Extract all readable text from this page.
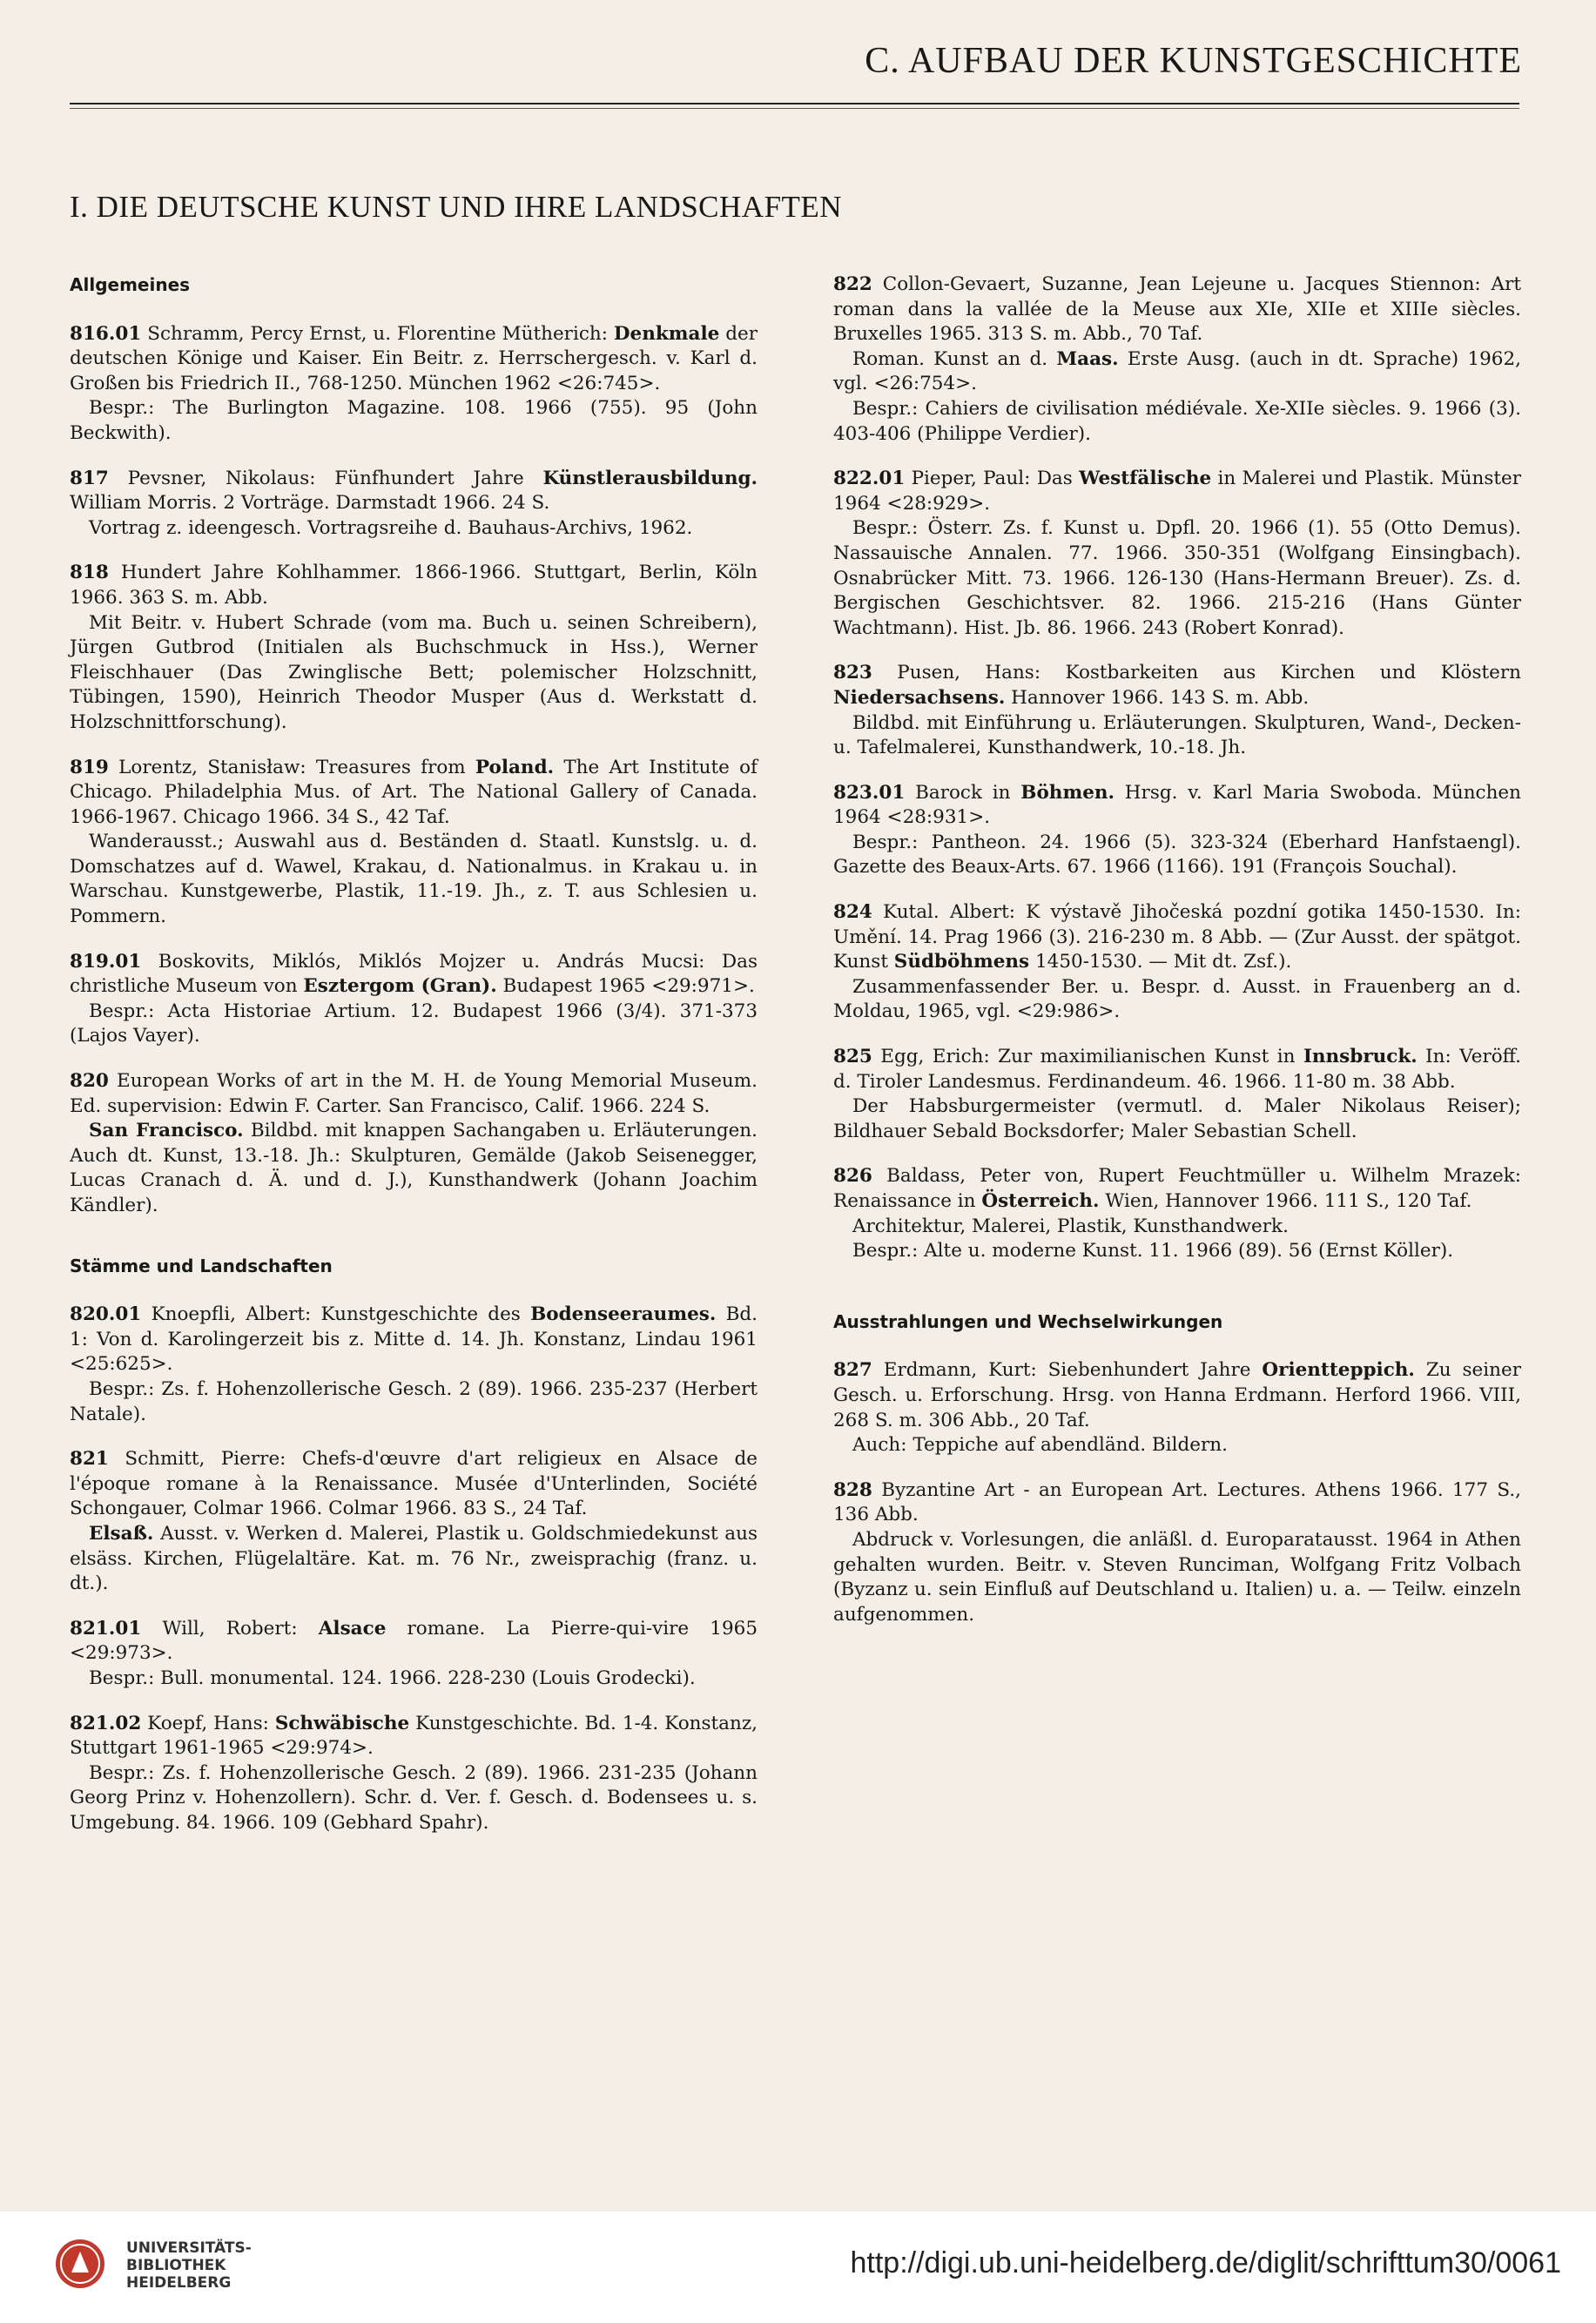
C. AUFBAU DER KUNSTGESCHICHTE
I. DIE DEUTSCHE KUNST UND IHRE LANDSCHAFTEN
Allgemeines

816.01 Schramm, Percy Ernst, u. Florentine Mütherich: Denkmale der deutschen Könige und Kaiser. Ein Beitr. z. Herrschergesch. v. Karl d. Großen bis Friedrich II., 768-1250. München 1962 <26:745>.

Bespr.: The Burlington Magazine. 108. 1966 (755). 95 (John Beckwith).

817 Pevsner, Nikolaus: Fünfhundert Jahre Künstlerausbildung. William Morris. 2 Vorträge. Darmstadt 1966. 24 S.

Vortrag z. ideengesch. Vortragsreihe d. Bauhaus-Archivs, 1962.

818 Hundert Jahre Kohlhammer. 1866-1966. Stuttgart, Berlin, Köln 1966. 363 S. m. Abb.

Mit Beitr. v. Hubert Schrade (vom ma. Buch u. seinen Schreibern), Jürgen Gutbrod (Initialen als Buchschmuck in Hss.), Werner Fleischhauer (Das Zwinglische Bett; polemischer Holzschnitt, Tübingen, 1590), Heinrich Theodor Musper (Aus d. Werkstatt d. Holzschnittforschung).

819 Lorentz, Stanisław: Treasures from Poland. The Art Institute of Chicago. Philadelphia Mus. of Art. The National Gallery of Canada. 1966-1967. Chicago 1966. 34 S., 42 Taf.

Wanderausst.; Auswahl aus d. Beständen d. Staatl. Kunstslg. u. d. Domschatzes auf d. Wawel, Krakau, d. Nationalmus. in Krakau u. in Warschau. Kunstgewerbe, Plastik, 11.-19. Jh., z. T. aus Schlesien u. Pommern.

819.01 Boskovits, Miklós, Miklós Mojzer u. András Mucsi: Das christliche Museum von Esztergom (Gran). Budapest 1965 <29:971>.

Bespr.: Acta Historiae Artium. 12. Budapest 1966 (3/4). 371-373 (Lajos Vayer).

820 European Works of art in the M. H. de Young Memorial Museum. Ed. supervision: Edwin F. Carter. San Francisco, Calif. 1966. 224 S.

San Francisco. Bildbd. mit knappen Sachangaben u. Erläuterungen. Auch dt. Kunst, 13.-18. Jh.: Skulpturen, Gemälde (Jakob Seisenegger, Lucas Cranach d. Ä. und d. J.), Kunsthandwerk (Johann Joachim Kändler).

Stämme und Landschaften

820.01 Knoepfli, Albert: Kunstgeschichte des Bodenseeraumes. Bd. 1: Von d. Karolingerzeit bis z. Mitte d. 14. Jh. Konstanz, Lindau 1961 <25:625>.

Bespr.: Zs. f. Hohenzollerische Gesch. 2 (89). 1966. 235-237 (Herbert Natale).

821 Schmitt, Pierre: Chefs-d'œuvre d'art religieux en Alsace de l'époque romane à la Renaissance. Musée d'Unterlinden, Société Schongauer, Colmar 1966. Colmar 1966. 83 S., 24 Taf.

Elsaß. Ausst. v. Werken d. Malerei, Plastik u. Goldschmiedekunst aus elsäss. Kirchen, Flügelaltäre. Kat. m. 76 Nr., zweisprachig (franz. u. dt.).

821.01 Will, Robert: Alsace romane. La Pierre-qui-vire 1965 <29:973>.

Bespr.: Bull. monumental. 124. 1966. 228-230 (Louis Grodecki).

821.02 Koepf, Hans: Schwäbische Kunstgeschichte. Bd. 1-4. Konstanz, Stuttgart 1961-1965 <29:974>.

Bespr.: Zs. f. Hohenzollerische Gesch. 2 (89). 1966. 231-235 (Johann Georg Prinz v. Hohenzollern). Schr. d. Ver. f. Gesch. d. Bodensees u. s. Umgebung. 84. 1966. 109 (Gebhard Spahr).

822 Collon-Gevaert, Suzanne, Jean Lejeune u. Jacques Stiennon: Art roman dans la vallée de la Meuse aux XIe, XIIe et XIIIe siècles. Bruxelles 1965. 313 S. m. Abb., 70 Taf.

Roman. Kunst an d. Maas. Erste Ausg. (auch in dt. Sprache) 1962, vgl. <26:754>.

Bespr.: Cahiers de civilisation médiévale. Xe-XIIe siècles. 9. 1966 (3). 403-406 (Philippe Verdier).

822.01 Pieper, Paul: Das Westfälische in Malerei und Plastik. Münster 1964 <28:929>.

Bespr.: Österr. Zs. f. Kunst u. Dpfl. 20. 1966 (1). 55 (Otto Demus). Nassauische Annalen. 77. 1966. 350-351 (Wolfgang Einsingbach). Osnabrücker Mitt. 73. 1966. 126-130 (Hans-Hermann Breuer). Zs. d. Bergischen Geschichtsver. 82. 1966. 215-216 (Hans Günter Wachtmann). Hist. Jb. 86. 1966. 243 (Robert Konrad).

823 Pusen, Hans: Kostbarkeiten aus Kirchen und Klöstern Niedersachsens. Hannover 1966. 143 S. m. Abb.

Bildbd. mit Einführung u. Erläuterungen. Skulpturen, Wand-, Decken- u. Tafelmalerei, Kunsthandwerk, 10.-18. Jh.

823.01 Barock in Böhmen. Hrsg. v. Karl Maria Swoboda. München 1964 <28:931>.

Bespr.: Pantheon. 24. 1966 (5). 323-324 (Eberhard Hanfstaengl). Gazette des Beaux-Arts. 67. 1966 (1166). 191 (François Souchal).

824 Kutal. Albert: K výstavě Jihočeská pozdní gotika 1450-1530. In: Umění. 14. Prag 1966 (3). 216-230 m. 8 Abb. — (Zur Ausst. der spätgot. Kunst Südböhmens 1450-1530. — Mit dt. Zsf.).

Zusammenfassender Ber. u. Bespr. d. Ausst. in Frauenberg an d. Moldau, 1965, vgl. <29:986>.

825 Egg, Erich: Zur maximilianischen Kunst in Innsbruck. In: Veröff. d. Tiroler Landesmus. Ferdinandeum. 46. 1966. 11-80 m. 38 Abb.

Der Habsburgermeister (vermutl. d. Maler Nikolaus Reiser); Bildhauer Sebald Bocksdorfer; Maler Sebastian Schell.

826 Baldass, Peter von, Rupert Feuchtmüller u. Wilhelm Mrazek: Renaissance in Österreich. Wien, Hannover 1966. 111 S., 120 Taf.

Architektur, Malerei, Plastik, Kunsthandwerk.

Bespr.: Alte u. moderne Kunst. 11. 1966 (89). 56 (Ernst Köller).

Ausstrahlungen und Wechselwirkungen

827 Erdmann, Kurt: Siebenhundert Jahre Orientteppich. Zu seiner Gesch. u. Erforschung. Hrsg. von Hanna Erdmann. Herford 1966. VIII, 268 S. m. 306 Abb., 20 Taf.

Auch: Teppiche auf abendländ. Bildern.

828 Byzantine Art - an European Art. Lectures. Athens 1966. 177 S., 136 Abb.

Abdruck v. Vorlesungen, die anläßl. d. Europaratausst. 1964 in Athen gehalten wurden. Beitr. v. Steven Runciman, Wolfgang Fritz Volbach (Byzanz u. sein Einfluß auf Deutschland u. Italien) u. a. — Teilw. einzeln aufgenommen.

UNIVERSITÄTS-
BIBLIOTHEK
HEIDELBERG
http://digi.ub.uni-heidelberg.de/diglit/schrifttum30/0061
